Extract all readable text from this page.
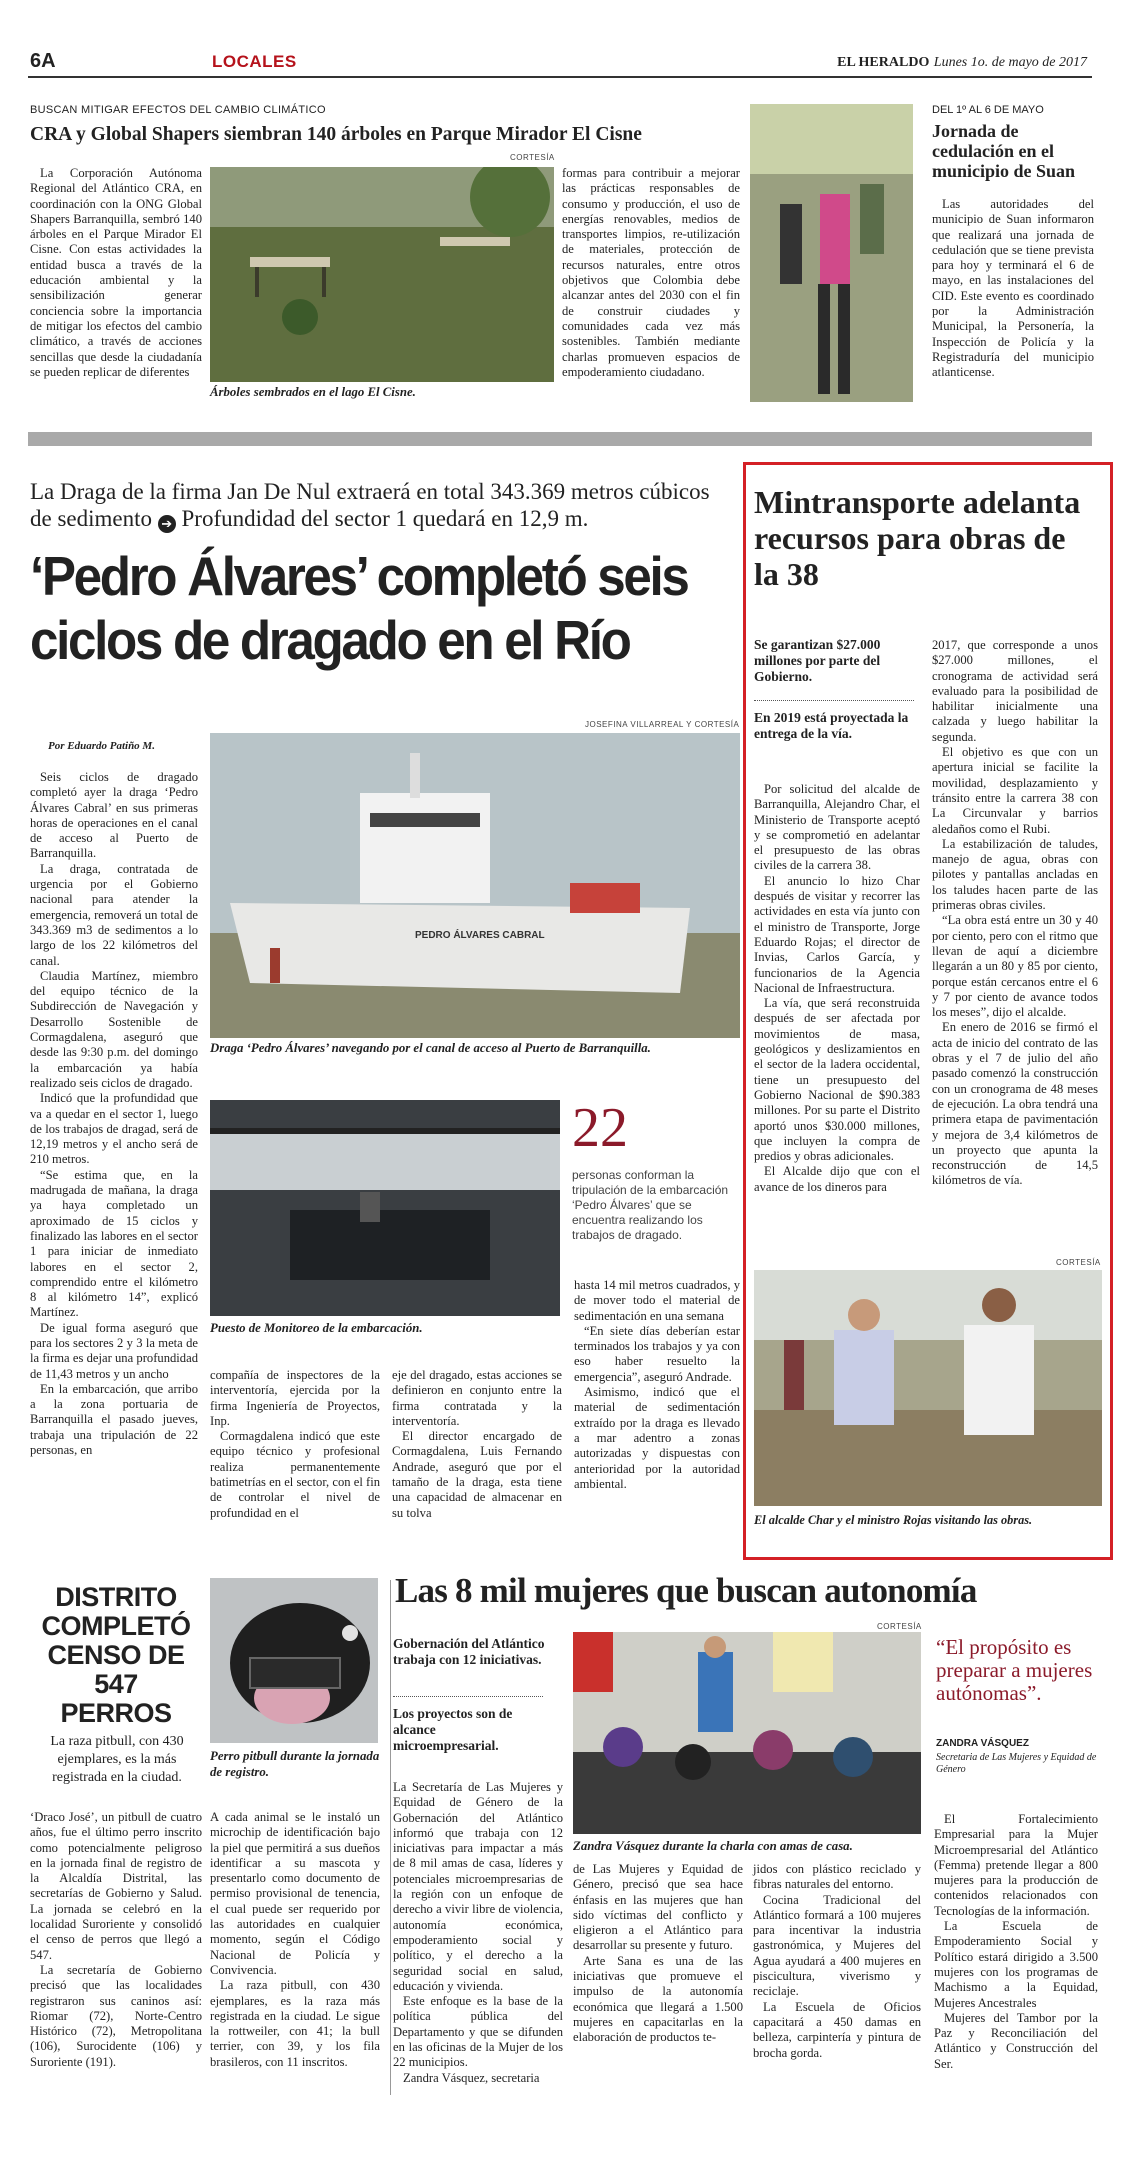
6A	LOCALES	EL HERALDO Lunes 1o. de mayo de 2017
BUSCAN MITIGAR EFECTOS DEL CAMBIO CLIMÁTICO
CRA y Global Shapers siembran 140 árboles en Parque Mirador El Cisne
La Corporación Autónoma Regional del Atlántico CRA, en coordinación con la ONG Global Shapers Barranquilla, sembró 140 árboles en el Parque Mirador El Cisne. Con estas actividades la entidad busca a través de la educación ambiental y la sensibilización generar conciencia sobre la importancia de mitigar los efectos del cambio climático, a través de acciones sencillas que desde la ciudadanía se pueden replicar de diferentes
CORTESÍA
Árboles sembrados en el lago El Cisne.
formas para contribuir a mejorar las prácticas responsables de consumo y producción, el uso de energías renovables, medios de transportes limpios, re-utilización de materiales, protección de recursos naturales, entre otros objetivos que Colombia debe alcanzar antes del 2030 con el fin de construir ciudades y comunidades cada vez más sostenibles. También mediante charlas promueven espacios de empoderamiento ciudadano.
DEL 1º AL 6 DE MAYO
Jornada de cedulación en el municipio de Suan
Las autoridades del municipio de Suan informaron que realizará una jornada de cedulación que se tiene prevista para hoy y terminará el 6 de mayo, en las instalaciones del CID. Este evento es coordinado por la Administración Municipal, la Personería, la Inspección de Policía y la Registraduría del municipio atlanticense.
La Draga de la firma Jan De Nul extraerá en total 343.369 metros cúbicos de sedimento ➔ Profundidad del sector 1 quedará en 12,9 m.
‘Pedro Álvares’ completó seis ciclos de dragado en el Río
JOSEFINA VILLARREAL Y CORTESÍA
Por Eduardo Patiño M.
PEDRO ÁLVARES CABRAL
Draga ‘Pedro Álvares’ navegando por el canal de acceso al Puerto de Barranquilla.

Seis ciclos de dragado completó ayer la draga ‘Pedro Álvares Cabral’ en sus primeras horas de operaciones en el canal de acceso al Puerto de Barranquilla.

La draga, contratada de urgencia por el Gobierno nacional para atender la emergencia, removerá un total de 343.369 m3 de sedimentos a lo largo de los 22 kilómetros del canal.

Claudia Martínez, miembro del equipo técnico de la Subdirección de Navegación y Desarrollo Sostenible de Cormagdalena, aseguró que desde las 9:30 p.m. del domingo la embarcación ya había realizado seis ciclos de dragado.

Indicó que la profundidad que va a quedar en el sector 1, luego de los trabajos de dragad, será de 12,19 metros y el ancho será de 210 metros.

“Se estima que, en la madrugada de mañana, la draga ya haya completado un aproximado de 15 ciclos y finalizado las labores en el sector 1 para iniciar de inmediato labores en el sector 2, comprendido entre el kilómetro 8 al kilómetro 14”, explicó Martínez.

De igual forma aseguró que para los sectores 2 y 3 la meta de la firma es dejar una profundidad de 11,43 metros y un ancho

En la embarcación, que arribo a la zona portuaria de Barranquilla el pasado jueves, trabaja una tripulación de 22 personas, en

Puesto de Monitoreo de la embarcación.
22
personas conforman la tripulación de la embarcación ‘Pedro Álvares’ que se encuentra realizando los trabajos de dragado.

hasta 14 mil metros cuadrados, y de mover todo el material de sedimentación en una semana

“En siete días deberían estar terminados los trabajos y ya con eso haber resuelto la emergencia”, aseguró Andrade.

Asimismo, indicó que el material de sedimentación extraído por la draga es llevado a mar adentro a zonas autorizadas y dispuestas con anterioridad por la autoridad ambiental.

compañía de inspectores de la interventoría, ejercida por la firma Ingeniería de Proyectos, Inp.

Cormagdalena indicó que este equipo técnico y profesional realiza permanentemente batimetrías en el sector, con el fin de controlar el nivel de profundidad en el

eje del dragado, estas acciones se definieron en conjunto entre la firma contratada y la interventoría.

El director encargado de Cormagdalena, Luis Fernando Andrade, aseguró que por el tamaño de la draga, esta tiene una capacidad de almacenar en su tolva

Mintransporte adelanta recursos para obras de la 38
Se garantizan $27.000 millones por parte del Gobierno.
En 2019 está proyectada la entrega de la vía.

Por solicitud del alcalde de Barranquilla, Alejandro Char, el Ministerio de Transporte aceptó y se comprometió en adelantar el presupuesto de las obras civiles de la carrera 38.

El anuncio lo hizo Char después de visitar y recorrer las actividades en esta vía junto con el ministro de Transporte, Jorge Eduardo Rojas; el director de Invias, Carlos García, y funcionarios de la Agencia Nacional de Infraestructura.

La vía, que será reconstruida después de ser afectada por movimientos de masa, geológicos y deslizamientos en el sector de la ladera occidental, tiene un presupuesto del Gobierno Nacional de $90.383 millones. Por su parte el Distrito aportó unos $30.000 millones, que incluyen la compra de predios y obras adicionales.

El Alcalde dijo que con el avance de los dineros para

2017, que corresponde a unos $27.000 millones, el cronograma de actividad será evaluado para la posibilidad de habilitar inicialmente una calzada y luego habilitar la segunda.

El objetivo es que con un apertura inicial se facilite la movilidad, desplazamiento y tránsito entre la carrera 38 con La Circunvalar y barrios aledaños como el Rubi.

La estabilización de taludes, manejo de agua, obras con pilotes y pantallas ancladas en los taludes hacen parte de las primeras obras civiles.

“La obra está entre un 30 y 40 por ciento, pero con el ritmo que llevan de aquí a diciembre llegarán a un 80 y 85 por ciento, porque están cercanos entre el 6 y 7 por ciento de avance todos los meses”, dijo el alcalde.

En enero de 2016 se firmó el acta de inicio del contrato de las obras y el 7 de julio del año pasado comenzó la construcción con un cronograma de 48 meses de ejecución. La obra tendrá una primera etapa de pavimentación y mejora de 3,4 kilómetros de un proyecto que apunta la reconstrucción de 14,5 kilómetros de vía.

CORTESÍA
El alcalde Char y el ministro Rojas visitando las obras.
DISTRITO COMPLETÓ CENSO DE 547 PERROS
La raza pitbull, con 430 ejemplares, es la más registrada en la ciudad.
Perro pitbull durante la jornada de registro.

‘Draco José’, un pitbull de cuatro años, fue el último perro inscrito como potencialmente peligroso en la jornada final de registro de la Alcaldía Distrital, las secretarías de Gobierno y Salud. La jornada se celebró en la localidad Suroriente y consolidó el censo de perros que llegó a 547.

La secretaría de Gobierno precisó que las localidades registraron sus caninos así: Riomar (72), Norte-Centro Histórico (72), Metropolitana (106), Surocidente (106) y Suroriente (191).

A cada animal se le instaló un microchip de identificación bajo la piel que permitirá a sus dueños identificar a su mascota y presentarlo como documento de permiso provisional de tenencia, el cual puede ser requerido por las autoridades en cualquier momento, según el Código Nacional de Policía y Convivencia.

La raza pitbull, con 430 ejemplares, es la raza más registrada en la ciudad. Le sigue la rottweiler, con 41; la bull terrier, con 39, y los fila brasileros, con 11 inscritos.

Las 8 mil mujeres que buscan autonomía
CORTESÍA
Gobernación del Atlántico trabaja con 12 iniciativas.
Los proyectos son de alcance microempresarial.
Zandra Vásquez durante la charla con amas de casa.
“El propósito es preparar a mujeres autónomas”.
ZANDRA VÁSQUEZ
Secretaria de Las Mujeres y Equidad de Género

La Secretaría de Las Mujeres y Equidad de Género de la Gobernación del Atlántico informó que trabaja con 12 iniciativas para impactar a más de 8 mil amas de casa, líderes y potenciales microempresarias de la región con un enfoque de derecho a vivir libre de violencia, autonomía económica, empoderamiento social y político, y el derecho a la seguridad social en salud, educación y vivienda.

Este enfoque es la base de la política pública del Departamento y que se difunden en las oficinas de la Mujer de los 22 municipios.

Zandra Vásquez, secretaria

de Las Mujeres y Equidad de Género, precisó que sea hace énfasis en las mujeres que han sido víctimas del conflicto y eligieron a el Atlántico para desarrollar su presente y futuro.

Arte Sana es una de las iniciativas que promueve el impulso de la autonomía económica que llegará a 1.500 mujeres en capacitarlas en la elaboración de productos te-

jidos con plástico reciclado y fibras naturales del entorno.

Cocina Tradicional del Atlántico formará a 100 mujeres para incentivar la industria gastronómica, y Mujeres del Agua ayudará a 400 mujeres en piscicultura, viverismo y reciclaje.

La Escuela de Oficios capacitará a 450 damas en belleza, carpintería y pintura de brocha gorda.

El Fortalecimiento Empresarial para la Mujer Microempresarial del Atlántico (Femma) pretende llegar a 800 mujeres para la producción de contenidos relacionados con Tecnologías de la información.

La Escuela de Empoderamiento Social y Político estará dirigido a 3.500 mujeres con los programas de Machismo a la Equidad, Mujeres Ancestrales

Mujeres del Tambor por la Paz y Reconciliación del Atlántico y Construcción del Ser.
